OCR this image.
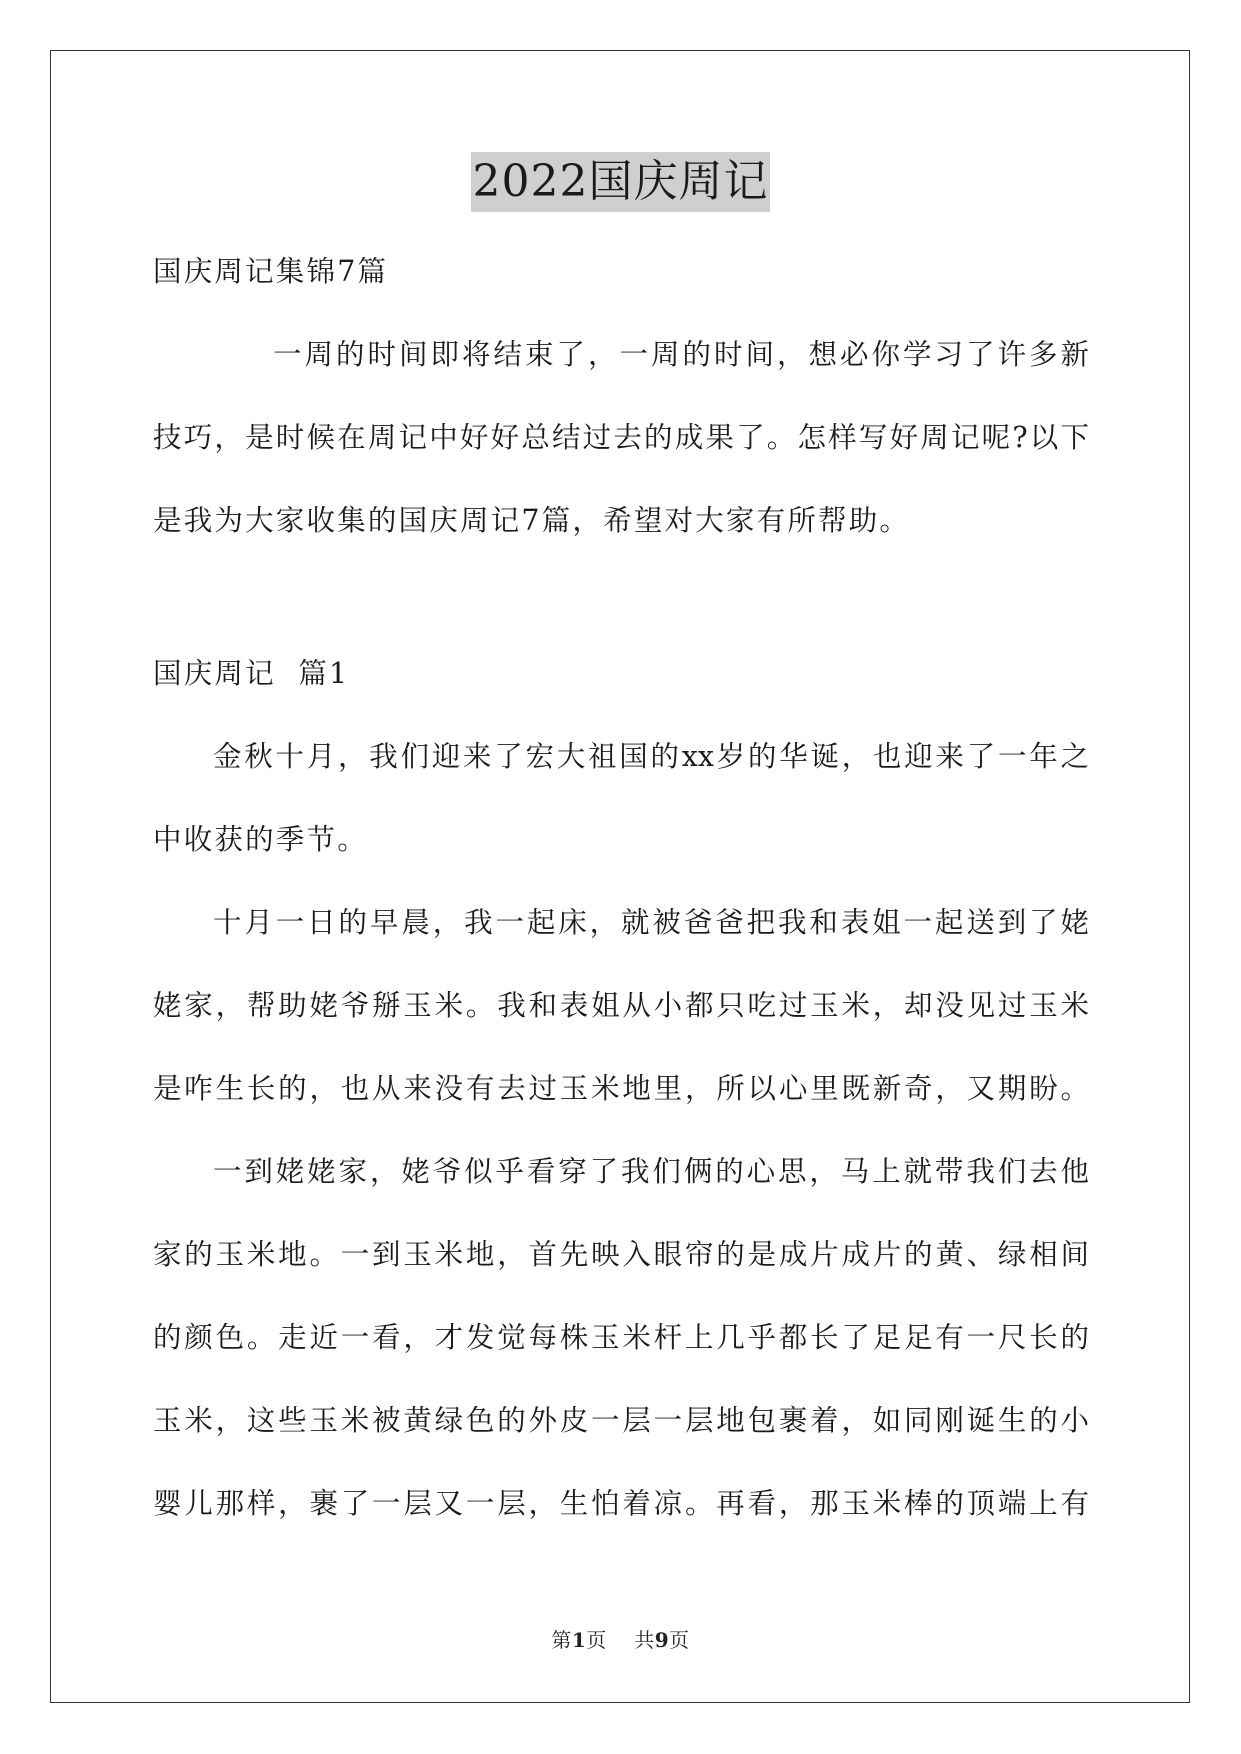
2022国庆周记
国庆周记集锦7篇
一周的时间即将结束了，一周的时间，想必你学习了许多新
技巧，是时候在周记中好好总结过去的成果了。怎样写好周记呢?以下
是我为大家收集的国庆周记7篇，希望对大家有所帮助。
国庆周记  篇1
金秋十月，我们迎来了宏大祖国的xx岁的华诞，也迎来了一年之
中收获的季节。
十月一日的早晨，我一起床，就被爸爸把我和表姐一起送到了姥
姥家，帮助姥爷掰玉米。我和表姐从小都只吃过玉米，却没见过玉米
是咋生长的，也从来没有去过玉米地里，所以心里既新奇，又期盼。
一到姥姥家，姥爷似乎看穿了我们俩的心思，马上就带我们去他
家的玉米地。一到玉米地，首先映入眼帘的是成片成片的黄、绿相间
的颜色。走近一看，才发觉每株玉米杆上几乎都长了足足有一尺长的
玉米，这些玉米被黄绿色的外皮一层一层地包裹着，如同刚诞生的小
婴儿那样，裹了一层又一层，生怕着凉。再看，那玉米棒的顶端上有
第1页    共9页
